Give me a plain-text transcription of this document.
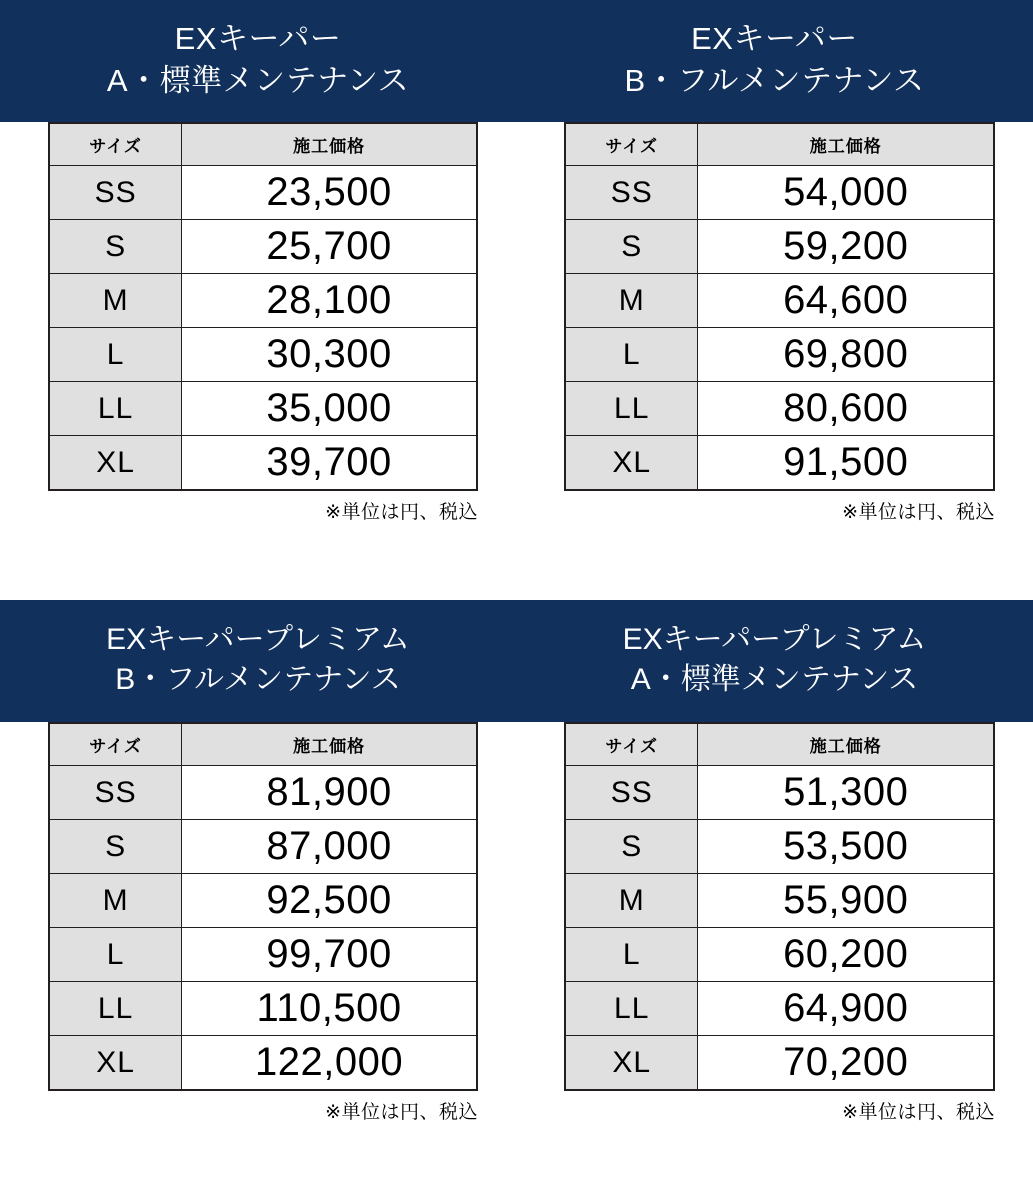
EXキーパー
A・標準メンテナンス
サイズ	施工価格
SS	23,500
S	25,700
M	28,100
L	30,300
LL	35,000
XL	39,700
※単位は円、税込
EXキーパー
B・フルメンテナンス
サイズ	施工価格
SS	54,000
S	59,200
M	64,600
L	69,800
LL	80,600
XL	91,500
※単位は円、税込
EXキーパープレミアム
B・フルメンテナンス
サイズ	施工価格
SS	81,900
S	87,000
M	92,500
L	99,700
LL	110,500
XL	122,000
※単位は円、税込
EXキーパープレミアム
A・標準メンテナンス
サイズ	施工価格
SS	51,300
S	53,500
M	55,900
L	60,200
LL	64,900
XL	70,200
※単位は円、税込
